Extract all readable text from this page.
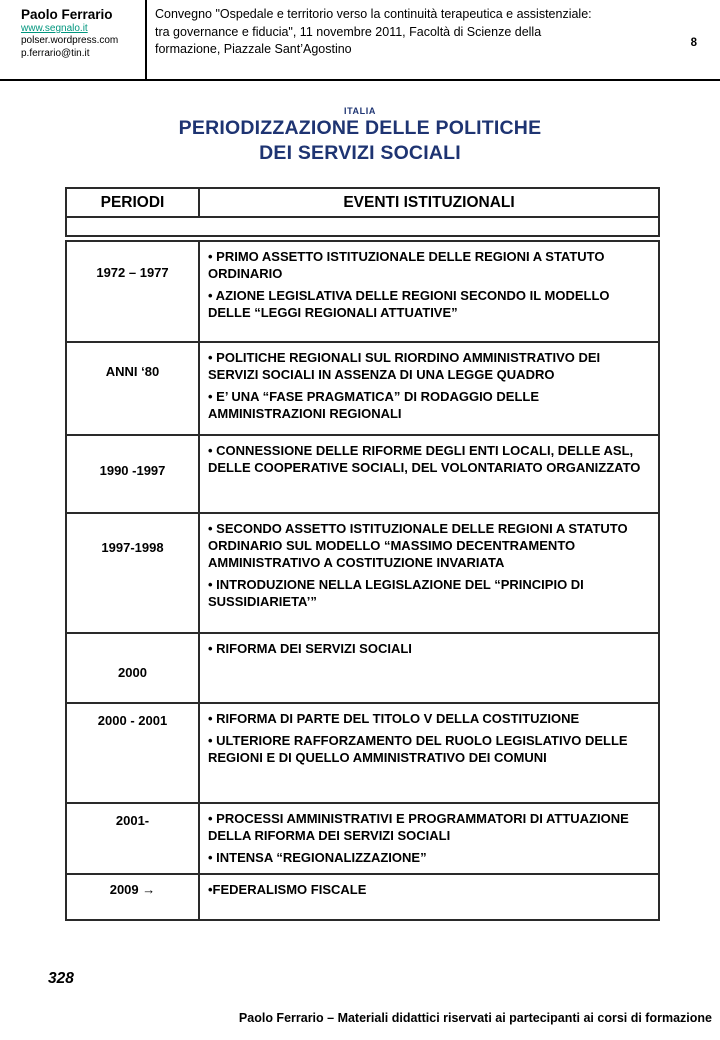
Paolo Ferrario
www.segnalo.it
polser.wordpress.com
p.ferrario@tin.it
Convegno "Ospedale e territorio verso la continuità terapeutica e assistenziale:
tra governance e fiducia", 11 novembre 2011, Facoltà di Scienze della
formazione, Piazzale Sant’Agostino	8
ITALIA
PERIODIZZAZIONE DELLE POLITICHE
DEI SERVIZI SOCIALI
PERIODI	EVENTI ISTITUZIONALI
1972 – 1977
• PRIMO ASSETTO ISTITUZIONALE DELLE REGIONI A STATUTO ORDINARIO
• AZIONE LEGISLATIVA DELLE REGIONI SECONDO IL MODELLO DELLE “LEGGI REGIONALI ATTUATIVE”
ANNI ‘80
• POLITICHE REGIONALI SUL RIORDINO AMMINISTRATIVO DEI SERVIZI SOCIALI IN ASSENZA DI UNA LEGGE QUADRO
• E’ UNA “FASE PRAGMATICA” DI RODAGGIO DELLE AMMINISTRAZIONI REGIONALI
1990 -1997
• CONNESSIONE DELLE RIFORME DEGLI ENTI LOCALI, DELLE ASL, DELLE COOPERATIVE SOCIALI, DEL VOLONTARIATO ORGANIZZATO
1997-1998
• SECONDO ASSETTO ISTITUZIONALE DELLE REGIONI A STATUTO ORDINARIO SUL MODELLO “MASSIMO DECENTRAMENTO AMMINISTRATIVO A COSTITUZIONE INVARIATA
• INTRODUZIONE NELLA LEGISLAZIONE DEL “PRINCIPIO DI SUSSIDIARIETA’”
2000
• RIFORMA DEI SERVIZI SOCIALI
2000 - 2001	• RIFORMA DI PARTE DEL TITOLO V DELLA COSTITUZIONE
• ULTERIORE RAFFORZAMENTO DEL RUOLO LEGISLATIVO DELLE REGIONI E DI QUELLO AMMINISTRATIVO DEI COMUNI
2001-	• PROCESSI AMMINISTRATIVI E PROGRAMMATORI DI ATTUAZIONE DELLA RIFORMA DEI SERVIZI SOCIALI
• INTENSA “REGIONALIZZAZIONE”
2009 →	•FEDERALISMO FISCALE
328
Paolo Ferrario – Materiali didattici riservati ai partecipanti ai corsi di formazione
